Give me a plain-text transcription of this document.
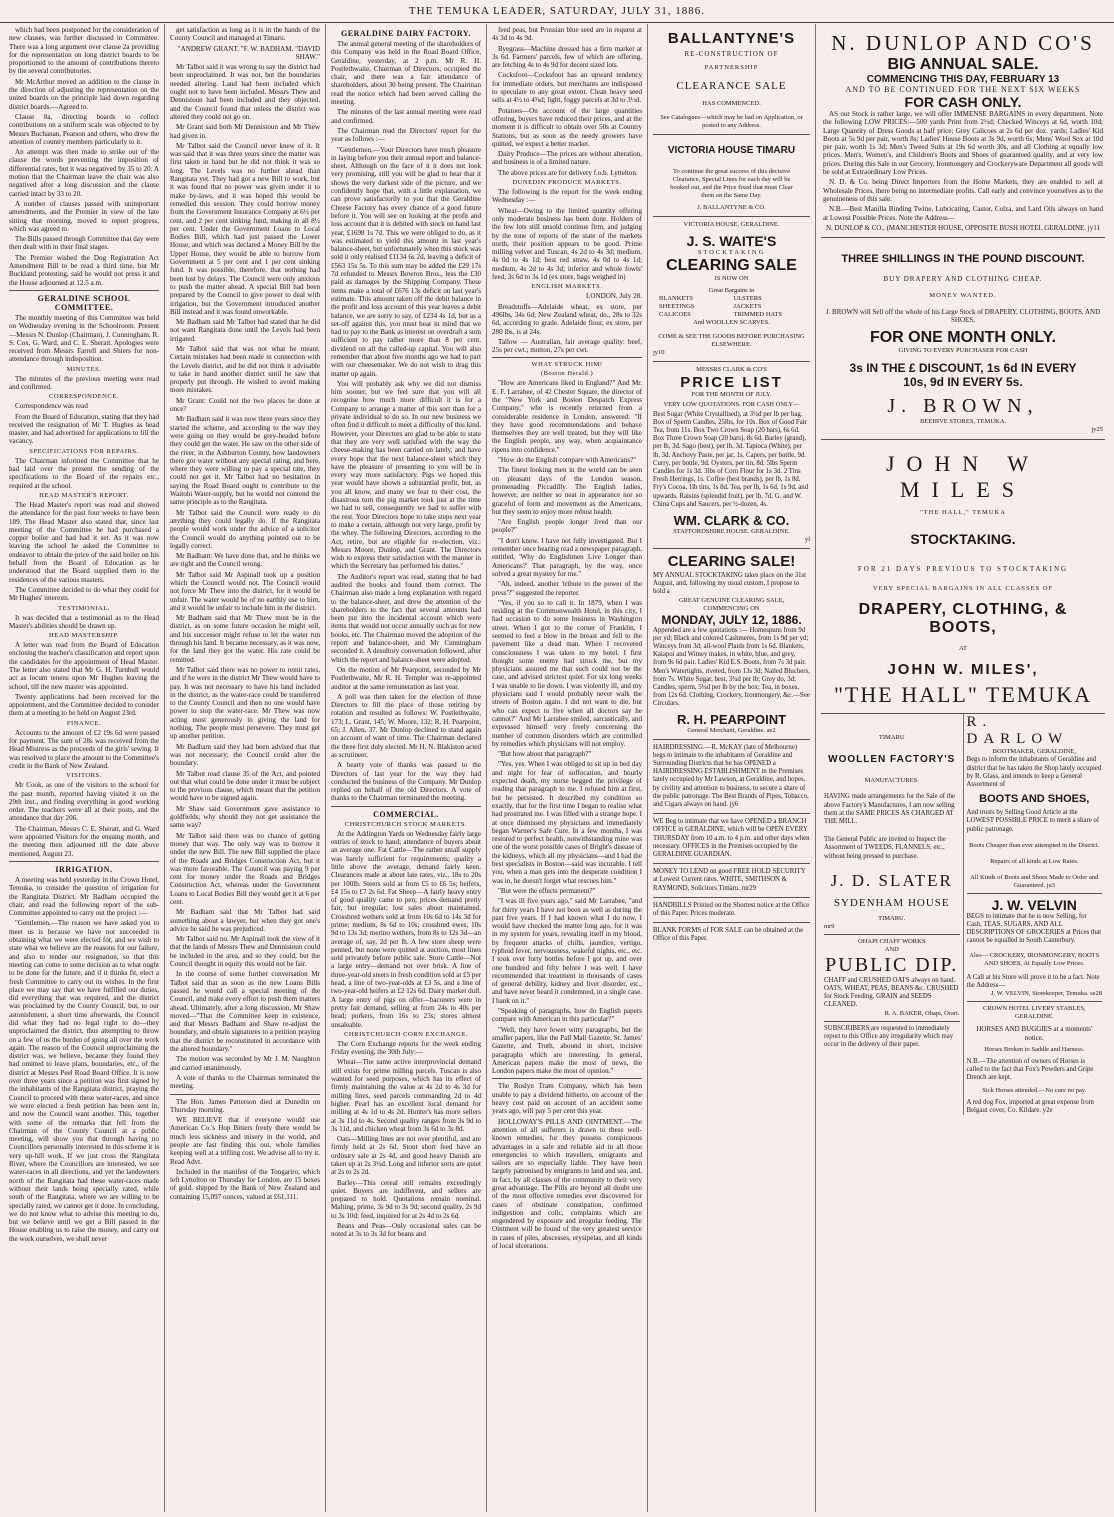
THE TEMUKA LEADER, SATURDAY, JULY 31, 1886.

which had been postponed for the consideration of new clauses, was further discussed in Committee. There was a long argument over clause 2a providing for the representation on long district boards to be proportioned to the amount of contributions thereto by the several contributories.

Mr McArthur moved an addition to the clause in the direction of adjusting the representation on the united boards on the principle laid down regarding district boards.—Agreed to.

Clause 8a, directing boards to collect contributions on a uniform scale was objected to by Messrs Buchanan, Pearson and others, who drew the attention of country members particularly to it.

An attempt was then made to strike out of the clause the words preventing the imposition of differential rates, but it was negatived by 35 to 20. A motion that the Chairman leave the chair was also negatived after a long discussion and the clause carried intact by 33 to 20.

A number of clauses passed with unimportant amendments, and the Premier in view of the late sitting that morning, moved to report progress, which was agreed to.

The Bills passed through Committee that day were then dealt with in their final stages.

The Premier wished the Dog Registration Act Amendment Bill to be read a third time, but Mr Buckland protesting, said he would not press it and the House adjourned at 12.5 a.m.

GERALDINE SCHOOL COMMITTEE.

The monthly meeting of this Committee was held on Wednesday evening in the Schoolroom. Present—Messrs N. Dunlop (Chairman), J. Cunningham, R. S. Cox, G. Ward, and C. E. Sheratt. Apologies were received from Messrs Farrell and Shiers for non-attendance through indisposition.

MINUTES.

The minutes of the previous meeting were read and confirmed.

CORRESPONDENCE.

Correspondence was read

From the Board of Education, stating that they had received the resignation of Mr T. Hughes as head master, and had advertised for applications to fill the vacancy.

SPECIFICATIONS FOR REPAIRS.

The Chairman informed the Committee that he had laid over the present the sending of the specifications to the Board of the repairs etc., required at the school.

HEAD MASTER'S REPORT.

The Head Master's report was read and showed the attendance for the past four weeks to have been 189. The Head Master also stated that, since last meeting of the Committee he had purchased a copper boiler and had had it set. As it was now leaving the school he asked the Committee to endeavor to obtain the price of the said boiler on his behalf from the Board of Education as he understood that the Board supplied them to the residences of the various masters.

The Committee decided to do what they could for Mr Hughes' interests.

TESTIMONIAL.

It was decided that a testimonial as to the Head Master's abilities should be drawn up.

HEAD MASTERSHIP.

A letter was read from the Board of Education enclosing the teacher's classification and report upon the candidates for the appointment of Head Master. The letter also stated that Mr G. H. Turnbull would act as locum tenens upon Mr Hughes leaving the school, till the new master was appointed.

Twenty applications had been received for the appointment, and the Committee decided to consider them at a meeting to be held on August 23rd.

FINANCE.

Accounts to the amount of £2 19s 6d were passed for payment. The sum of 28s was received from the Head Mistress as the proceeds of the girls' sewing. It was resolved to place the amount to the Committee's credit in the Bank of New Zealand.

VISITORS.

Mr Cook, as one of the visitors to the school for the past month, reported having visited it on the 29th inst., and finding everything in good working order. The teachers were all at their posts, and the attendance that day 206.

The Chairman, Messrs C. E. Sheratt, and G. Ward were appointed Visitors for the ensuing month, and the meeting then adjourned till the date above mentioned, August 23.

IRRIGATION.

A meeting was held yesterday in the Crown Hotel, Temuka, to consider the question of irrigation for the Rangitata District. Mr Badham occupied the chair, and read the following report of the sub-Committee appointed to carry out the project :—

"Gentlemen,—The reason we have asked you to meet us is because we have not succeeded in obtaining what we were elected for, and we wish to state what we believe are the reasons for our failure, and also to tender our resignation, so that this meeting can come to some decision as to what ought to be done for the future, and if it thinks fit, elect a fresh Committee to carry out its wishes. In the first place we may say that we have fulfilled our duties, did everything that was required, and the district was proclaimed by the County Council, but, to our astonishment, a short time afterwards, the Council did what they had no legal right to do—they unproclaimed the district, thus attempting to throw on a few of us the burden of going all over the work again. The reason of the Council unproclaiming the district was, we believe, because they found they had omitted to leave plans, boundaries, etc., of the district at Messrs Peel Road Board Office. It is now over three years since a petition was first signed by the inhabitants of the Rangitata district, praying the Council to proceed with these water-races, and since we were elected a fresh petition has been sent in, and now the Council want another. This, together with some of the remarks that fell from the Chairman of the County Council at a public meeting, will show you that through having no Councillors personally interested in this scheme it is very up-hill work. If we just cross the Rangitata River, where the Councillors are interested, we see water-races in all directions, and yet the landowners north of the Rangitata had these water-races made without their lands being specially rated, while south of the Rangitata, where we are willing to be specially rated, we cannot get it done. In concluding, we do not know what to advise this meeting to do, but we believe until we get a Bill passed in the House enabling us to raise the money, and carry out the work ourselves, we shall never

get satisfaction as long as it is in the hands of the County Council and managed at Timaru.

"ANDREW GRANT. "F. W. BADHAM. "DAVID SHAW."

Mr Talbot said it was wrong to say the district had been unproclaimed. It was not, but the boundaries needed altering. Land had been included which ought not to have been included. Messrs Thew and Dennistoun had been included and they objected, and the Council found that unless the district was altered they could not go on.

Mr Grant said both Mr Dennistoun and Mr Thew had given in.

Mr Talbot said the Council never knew of it. It was said that it was three years since the matter was first taken in hand but he did not think it was so long. The Levels was no further ahead than Rangitata yet. They had got a new Bill to work, but it was found that no power was given under it to make by-laws, and it was hoped this would be remedied this session. They could borrow money from the Government Insurance Company at 6½ per cent, and 2 per cent sinking fund, making in all 8½ per cent. Under the Government Loans to Local Bodies Bill, which had just passed the Lower House, and which was declared a Money Bill by the Upper House, they would be able to borrow from Government at 5 per cent and 1 per cent sinking fund. It was possible, therefore, that nothing had been lost by delays. The Council were only anxious to push the matter ahead. A special Bill had been prepared by the Council to give power to deal with irrigation, but the Government introduced another Bill instead and it was found unworkable.

Mr Badham said Mr Talbot had stated that he did not want Rangitata done until the Levels had been irrigated.

Mr Talbot said that was not what he meant. Certain mistakes had been made in connection with the Levels district, and he did not think it advisable to take in hand another district until he saw that properly put through. He wished to avoid making more mistakes.

Mr Grant: Could not the two places be done at once?

Mr Badham said it was now three years since they started the scheme, and according to the way they were going on they would be grey-headed before they could get the water. He saw on the other side of the river, in the Ashburton County, how landowners there got water without any special rating, and here, where they were willing to pay a special rate, they could not get it. Mr Talbot had no hesitation in saying the Road Board ought to contribute to the Waitohi Water-supply, but he would not contend the same principle as to the Rangitata.

Mr Talbot said the Council were ready to do anything they could legally do. If the Rangitata people would work under the advice of a solicitor the Council would do anything pointed out to be legally correct.

Mr Badham: We have done that, and he thinks we are right and the Council wrong.

Mr Talbot said Mr Aspinall took up a position which the Council would not. The Council would not force Mr Thew into the district, for it would be unfair. The water would be of no earthly use to him, and it would be unfair to include him in the district.

Mr Badham said that Mr Thew must be in the district, as on some future occasion he might sell, and his successor might refuse to let the water run through his land. It became necessary, as it was now, for the land they got the water. His rate could be remitted.

Mr Talbot said there was no power to remit rates, and if he were in the district Mr Thew would have to pay. It was not necessary to have his land included in the district, as the water-race could be transferred to the County Council and then no one would have power to stop the water-race. Mr Thew was now acting most generously in giving the land for nothing. The people must persevere. They must get up another petition.

Mr Badham said they had been advised that that was not necessary; the Council could alter the boundary.

Mr Talbot read clause 35 of the Act, and pointed out that what could be done under it must be subject to the previous clause, which meant that the petition would have to be signed again.

Mr Shaw said Government gave assistance to goldfields; why should they not get assistance the same way?

Mr Talbot said there was no chance of getting money that way. The only way was to borrow it under the new Bill. The new Bill supplied the place of the Roads and Bridges Construction Act, but it was more favorable. The Council was paying 9 per cent for money under the Roads and Bridges Construction Act, whereas under the Government Loans to Local Bodies Bill they would get it at 6 per cent.

Mr Badham said that Mr Talbot had said something about a lawyer, but when they got one's advice he said he was prejudiced.

Mr Talbot said no. Mr Aspinall took the view of it that the lands of Messrs Thew and Dennistoun could be included in the area, and so they could, but the Council thought in equity this would not be fair.

In the course of some further conversation Mr Talbot said that as soon as the new Loans Bills passed he would call a special meeting of the Council, and make every effort to push them matters ahead. Ultimately, after a long discussion, Mr Shaw moved—"That the Committee keep in existence, and that Messrs Badham and Shaw re-adjust the boundary, and obtain signatures to a petition praying that the district be reconstituted in accordance with the altered boundary."

The motion was seconded by Mr J. M. Naughton and carried unanimously.

A vote of thanks to the Chairman terminated the meeting.

The Hon. James Patterson died at Dunedin on Thursday morning.

WE BELIEVE that if everyone would use American Co.'s Hop Bitters freely there would be much less sickness and misery in the world, and people are fast finding this out, whole families keeping well at a trifling cost. We advise all to try it. Read Advt.

Included in the manifest of the Tongariro, which left Lyttelton on Thursday for London, are 15 boxes of gold, shipped by the Bank of New Zealand and containing 15,097 ounces, valued at £61,111.

GERALDINE DAIRY FACTORY.

The annual general meeting of the shareholders of this Company was held in the Road Board Office, Geraldine, yesterday, at 2 p.m. Mr R. H. Postlethwaite, Chairman of Directors, occupied the chair, and there was a fair attendance of shareholders, about 30 being present. The Chairman read the notice which had been served calling the meeting.

The minutes of the last annual meeting were read and confirmed.

The Chairman read the Directors' report for the year as follows :—

"Gentlemen,—Your Directors have much pleasure in laying before you their annual report and balance-sheet. Although on the face of it it does not look very promising, still you will be glad to hear that it shows the very darkest side of the picture, and we confidently hope that, with a little explanation, we can prove satisfactorily to you that the Geraldine Cheese Factory has every chance of a good future before it. You will see on looking at the profit and loss account that it is debited with stock on hand last year, £1698 1s 7d. This we were obliged to do, as it was estimated to yield this amount in last year's balance-sheet, but unfortunately when this stock was sold it only realised £1134 6s 2d, leaving a deficit of £563 15s 5s. To this sum may be added the £29 17s 7d refunded to Messrs Bowron Bros., less the £30 paid as damages by the Shipping Company. These items make a total of £676 13s deficit on last year's estimate. This amount taken off the debit balance in the profit and loss account of this year leaves a debit balance, we are sorry to say, of £234 4s 1d, but as a set-off against this, you must bear in mind that we had to pay to the Bank as interest on overdraft a sum sufficient to pay rather more than 8 per cent. dividend on all the called-up capital. You will also remember that about five months ago we had to part with our cheesemaker. We do not wish to drag this matter up again.

You will probably ask why we did not dismiss him sooner, but we feel sure that you will all recognise how much more difficult it is for a Company to arrange a matter of this sort than for a private individual to do so. In our new business we often find it difficult to meet a difficulty of this kind. However, your Directors are glad to be able to state that they are very well satisfied with the way the cheese-making has been carried on lately, and have every hope that the next balance-sheet which they have the pleasure of presenting to you will be in every way more satisfactory. Pigs we hoped this year would have shown a substantial profit, but, as you all know, and many we fear to their cost, the disastrous turn the pig market took just at the time we had to sell, consequently we had to suffer with the rest. Your Directors hope to take steps next year to make a certain, although not very large, profit by the whey. The following Directors, according to the Act, retire, but are eligible for re-election, viz.: Messrs Moore, Dunlop, and Grant. The Directors wish to express their satisfaction with the manner in which the Secretary has performed his duties."

The Auditor's report was read, stating that he had audited the books and found them correct. The Chairman also made a long explanation with regard to the balance-sheet, and drew the attention of the shareholders to the fact that several amounts had been put into the incidental account which were items that would not occur annually such as for new books, etc. The Chairman moved the adoption of the report and balance-sheet, and Mr Cunningham seconded it. A desultory conversation followed, after which the report and balance-sheet were adopted.

On the motion of Mr Pearpoint, seconded by Mr Postlethwaite, Mr R. H. Templer was re-appointed auditor at the same remuneration as last year.

A poll was then taken for the election of three Directors to fill the place of those retiring by rotation and resulted as follows: W. Postlethwaite, 173; L. Grant, 145; W. Moore, 132; R. H. Pearpoint, 65; J. Allen, 37. Mr Dunlop declined to stand again on account of want of time. The Chairman declared the three first duly elected. Mr H. N. Blakiston acted as scrutineer.

A hearty vote of thanks was passed to the Directors of last year for the way they had conducted the business of the Company. Mr Dunlop replied on behalf of the old Directors. A vote of thanks to the Chairman terminated the meeting.

COMMERCIAL.
CHRISTCHURCH STOCK MARKETS.

At the Addington Yards on Wednesday fairly large entries of stock to hand; attendance of buyers about an average one. Fat Cattle—The rather small supply was barely sufficient for requirements; quality a little above the average, demand fairly keen. Clearances made at about late rates, viz., 18s to 20s per 100lb. Steers sold at from £5 to £6 5s; heifers, £4 15s to £7 2s 6d. Fat Sheep—A fairly heavy entry of good quality came to pen; prices demand pretty fair, but irregular; lost sales about maintained. Crossbred wethers sold at from 10s 6d to 14s 3d for prime; medium, 8s 6d to 10s; crossbred ewes, 10s 9d to 13s 3d; merino wethers, from 8s to 12s 3d—an average of, say, 2d per lb. A few store sheep were penned, but none were quitted at auction, most lines sold privately before public sale. Store Cattle—Not a large entry—demand not over brisk. A line of three-year-old steers in fresh condition sold at £5 per head, a line of two-year-olds at £3 5s, and a line of two-year-old heifers at £2 12s 6d. Dairy market dull. A large entry of pigs on offer—baconers were in pretty fair demand, selling at from 24s to 40s per head; porkers, from 16s to 23s; stores almost unsaleable.

CHRISTCHURCH CORN EXCHANGE.

The Corn Exchange reports for the week ending Friday evening, the 30th July:—

Wheat—The same active interprovincial demand still exists for prime milling parcels. Tuscan is also wanted for seed purposes, which has its effect of firmly maintaining the value at 4s 2d to 4s 3d for milling lines, seed parcels commanding 2d to 4d higher. Pearl has an excellent local demand for milling at 4s 1d to 4s 2d. Hunter's has more sellers at 3s 11d to 4s. Second quality ranges from 3s 9d to 3s 11d, and chicken wheat from 3s 6d to 3s 8d.

Oats—Milling lines are not over plentiful, and are firmly held at 2s 6d. Stout short feed have an ordinary sale at 2s 4d, and good heavy Danish are taken up at 2s 3½d. Long and inferior sorts are quiet at 2s to 2s 2d.

Barley—This cereal still remains exceedingly quiet. Buyers are indifferent, and sellers are prepared to hold. Quotations remain nominal. Malting, prime, 3s 9d to 3s 9d; second quality, 2s 9d to 3s 10d; feed, inquired for at 2s 4d to 2s 6d.

Beans and Peas—Only occasional sales can be noted at 3s to 3s 3d for beans and

feed peas, but Prussian blue seed are in request at 4s 3d to 4s 9d.

Ryegrass—Machine dressed has a firm market at 3s 6d. Farmers' parcels, few of which are offering, are fetching 4s to 4s 9d for decent sized lots.

Cocksfoot—Cocksfoot has an upward tendency for immediate orders, but merchants are indisposed to speculate to any great extent. Clean heavy seed sells at 4½ to 4⅝d; light, foggy parcels at 3d to 3½d.

Potatoes—On account of the large quantities offering, buyers have reduced their prices, and at the moment it is difficult to obtain over 50s at Country Stations, but as soon as the needy growers have quitted, we expect a better market.

Dairy Produce—The prices are without alteration, and business is of a limited nature.

The above prices are for delivery f.o.b. Lyttelton.

DUNEDIN PRODUCE MARKETS.

The following is the report for the week ending Wednesday :—

Wheat—Owing to the limited quantity offering only moderate business has been done. Holders of the few lots still unsold continue firm, and judging by the tone of reports of the state of the markets north, their position appears to be good. Prime milling velvet and Tuscan, 4s 2d to 4s 3d; medium, 4s 0d to 4s 1d; best red straw, 4s 0d to 4s 1d; medium, 4s 2d to 4s 3d; inferior and whole fowls' feed, 3s 6d to 3s 1d (ex store, bags weighed in)

ENGLISH MARKETS.

LONDON, July 28.

Breadstuffs—Adelaide wheat, ex store, per 496lbs, 34s 6d; New Zealand wheat, do., 28s to 32s 6d, according to grade. Adelaide flour, ex store, per 280 lbs, is at 24s.

Tallow — Australian, fair average quality: beef, 25s per cwt.; mutton, 27s per cwt.

WHAT STRUCK HIM!
(Boston Herald.)

"How are Americans liked in England?" And Mr. E. F. Larrabee, of 42 Chester Square, the director of the "New York and Boston Despatch Express Company," who is recently returned from a considerable residence in London, answered: "If they have good recommendations and behave themselves they are well treated, but they will like the English people, any way, when acquaintance ripens into confidence."

"How do the English compare with Americans?"

The finest looking men in the world can be seen on pleasant days of the London season, promenading Piccadilly. The English ladies, however, are neither so neat in appearance nor so graceful of form and movement as the Americans, but they seem to enjoy more robust health.

"Are English people longer lived than our people?"

"I don't know. I have not fully investigated. But I remember once hearing read a newspaper paragraph, entitled, 'Why do Englishmen Live Longer than Americans?' That paragraph, by the way, once solved a great mystery for me."

"Ah, indeed, another 'tribute to the power of the press'?" suggested the reporter.

"Yes, if you so to call it. In 1879, when I was residing at the Commonwealth Hotel, in this city, I had occasion to do some business in Washington street. When I got to the corner of Franklin, I seemed to feel a blow in the breast and fell to the pavement like a dead man. When I recovered consciousness I was taken to my hotel. I first thought some enemy had struck me, but my physicians assured me that such could not be the case, and advised strictest quiet. For six long weeks I was unable to lie down. I was violently ill, and my physicians said I would probably never walk the streets of Boston again. I did not want to die, but who can expect to live when all doctors say he cannot?" And Mr Larrabee smiled, sarcastically, and expressed himself very freely concerning the number of common disorders which are controlled by remedies which physicians will not employ.

"But how about that paragraph?"

"Yes, yes. When I was obliged to sit up in bed day and night for fear of suffocation, and hourly expected death, my nurse begged the privilege of reading that paragraph to me. I refused him at first, but he persisted. It described my condition so exactly, that for the first time I began to realise what had prostrated me. I was filled with a strange hope. I at once dismissed my physicians and immediately began Warner's Safe Cure. In a few months, I was restored to perfect health, notwithstanding mine was one of the worst possible cases of Bright's disease of the kidneys, which all my physicians—and I had the best specialists in Boston—said was incurable. I tell you, when a man gets into the desperate condition I was in, he doesn't forget what rescues him."

"But were the effects permanent?"

"I was ill five years ago," said Mr Larrabee, "and for thirty years I have not been as well as during the past five years. If I had known what I do now, I would have checked the matter long ago, for it was in my system for years, revealing itself in my blood, by frequent attacks of chills, jaundice, vertigo, typhoid fever, nervousness, wakeful nights, etc., etc. I took over forty bottles before I got up, and over one hundred and fifty before I was well. I have recommended that treatment in thousands of cases of general debility, kidney and liver disorder, etc., and have never heard it condemned, in a single case. I bank on it."

"Speaking of paragraphs, how do English papers compare with American in this particular?"

"Well, they have fewer witty paragraphs, but the smaller papers, like the Pall Mall Gazette, St. James' Gazette, and Truth, abound in short, incisive paragraphs which are interesting. In general, American papers make the most of news, the London papers make the most of opinion."

The Roslyn Tram Company, which has been unable to pay a dividend hitherto, on account of the heavy cost paid on account of an accident some years ago, will pay 5 per cent this year.

HOLLOWAY'S PILLS AND OINTMENT.—The attention of all sufferers is drawn to these well-known remedies, for they possess conspicuous advantages in a safe and reliable aid in all those emergencies to which travellers, emigrants and sailors are so especially liable. They have been largely patronised by emigrants to land and sea, and, in fact, by all classes of the community to their very great advantage. The Pills are beyond all doubt one of the most effective remedies ever discovered for cases of obstinate constipation, confirmed indigestion and colic, complaints which are engendered by exposure and irregular feeding. The Ointment will be found of the very greatest service in cases of piles, abscesses, erysipelas, and all kinds of local ulcerations.

BALLANTYNE'S
RE-CONSTRUCTION OF
PARTNERSHIP
CLEARANCE SALE
HAS COMMENCED.
See Catalogues—which may be had on Application, or posted to any Address.
VICTORIA HOUSE TIMARU
To continue the great success of this decisive Clearance, Special Lines for each day will be booked out, and the Price fixed that must Clear them on the Same Day.
J. BALLANTYNE & CO.
VICTORIA HOUSE, GERALDINE.
J. S. WAITE'S
STOCKTAKING
CLEARING SALE
IS NOW ON
Great Bargains in
BLANKETS
SHEETINGS
CALICOES
ULSTERS
JACKETS
TRIMMED HATS
And WOOLLEN SCARVES.
COME & SEE THE GOODS BEFORE PURCHASING ELSEWHERE.
jy10
MESSRS CLARK & CO'S
PRICE LIST
FOR THE MONTH OF JULY.
VERY LOW QUOTATIONS. FOR CASH ONLY—
Best Sugar (White Crystallised), at 3½d per lb per bag. Box of Sperm Candles, 25lbs, for 10s. Box of Good Fair Tea, from 11s. Box Two Crown Soap (20 bars), 6s 6d. Box Three Crown Soap (20 bars), 8s 6d. Barley (grand), per lb, 3d. Sago (best), per lb, 3d. Tapioca (White), per lb, 3d. Anchovy Paste, per jar, 1s. Capers, per bottle, 9d. Curry, per bottle, 9d. Oysters, per tin, 8d. 5lbs Sperm Candles for 1s 3d. 3lbs of Corn Flour for 1s 3d. 2 Tins Fresh Herrings, 1s. Coffee (best brands), per lb, 1s 8d. Fry's Cocoa, 1lb tins, 1s 8d. Tea, per lb, 1s 6d, 1s 9d, and upwards. Raisins (splendid fruit), per lb, 7d. G. and W. China Cups and Saucers, per ½-dozen, 4s.
WM. CLARK & CO.
STAFFORDSHIRE HOUSE. GERALDINE.
yl
CLEARING SALE!
MY ANNUAL STOCKTAKING takes place on the 31st August, and, following my usual custom, I propose to hold a
GREAT GENUINE CLEARING SALE,
COMMENCING ON
MONDAY, JULY 12, 1886.
Appended are a few quotations :— Homespuns from 9d per yd; Black and colored Cashmeres, from 1s 9d per yd; Winceys from 3d; all-wool Plaids from 1s 6d. Blankets, Kaiapoi and Witney makes, in white, blue, and grey, from 9s 6d pair. Ladies' Kid E.S. Boots, from 7s 3d pair. Men's Watertights, riveted, from 13s 3d; Nailed Bluchers, from 7s. White Sugar, best, 3¾d per lb; Grey do, 3d; Candles, sperm, 5¼d per lb by the box; Tea, in boxes, from 12s 6d. Clothing, Crockery, Ironmongery, &c.—See Circulars.
R. H. PEARPOINT
General Merchant, Geraldine. ae2
HAIRDRESSING.—R. McKAY (late of Melbourne) begs to intimate to the inhabitants of Geraldine and Surrounding Districts that he has OPENED a HAIRDRESSING ESTABLISHMENT in the Premises lately occupied by Mr Lawson, at Geraldine, and hopes, by civility and attention to business, to secure a share of the public patronage. The Best Brands of Pipes, Tobacco, and Cigars always on hand. jy6
WE Beg to intimate that we have OPENED a BRANCH OFFICE in GERALDINE, which will be OPEN EVERY THURSDAY from 10 a.m. to 4 p.m. and other days when necessary. OFFICES in the Premises occupied by the GERALDINE GUARDIAN.
MONEY TO LEND on good FREE HOLD SECURITY at Lowest Current rates. WHITE, SMITHSON & RAYMOND, Solicitors Timaru. mr29
HANDBILLS Printed on the Shortest notice at the Office of this Paper. Prices moderate.
BLANK FORMS of FOR SALE can be obtained at the Office of this Paper.
N. DUNLOP AND CO'S
BIG ANNUAL SALE.
COMMENCING THIS DAY, FEBRUARY 13
AND TO BE CONTINUED FOR THE NEXT SIX WEEKS
FOR CASH ONLY.

AS our Stock is rather large, we will offer IMMENSE BARGAINS in every department. Note the following LOW PRICES:—500 yards Print from 2½d; Checked Winceys at 6d, worth 10d; Large Quantity of Dress Goods at half price; Grey Calicoes at 2s 6d per doz. yards; Ladies' Kid Boots at 5s 9d per pair, worth 8s; Ladies' House Boots at 3s 9d, worth 6s; Mens' Wool Sox at 10d per pair, worth 1s 3d; Men's Tweed Suits at 19s 6d worth 30s, and all Clothing at equally low prices. Men's, Women's, and Children's Boots and Shoes of guaranteed quality, and at very low prices. During this Sale in our Grocery, Ironmongery and Crockeryware Department all goods will be sold at Extraordinary Low Prices.

N. D. & Co. being Direct Importers from the Home Markets, they are enabled to sell at Wholesale Prices, there being no intermediate profits. Call early and convince yourselves as to the genuineness of this sale.

N.B.—Best Manilla Binding Twine, Lubricating, Castor, Colza, and Lard Oils always on hand at Lowest Possible Prices. Note the Address—

N. DUNLOP & CO., (MANCHESTER HOUSE, OPPOSITE BUSH HOTEL GERALDINE. jy11
THREE SHILLINGS IN THE POUND DISCOUNT.
BUY DRAPERY AND CLOTHING CHEAP.
MONEY WANTED.
J. BROWN will Sell off the whole of his Large Stock of DRAPERY, CLOTHING, BOOTS, AND SHOES,
FOR ONE MONTH ONLY.
GIVING TO EVERY PURCHASER FOR CASH
3s IN THE £ DISCOUNT, 1s 6d IN EVERY 10s, 9d IN EVERY 5s.
J. BROWN,
BEEHIVE STORES, TEMUKA.
jy25
JOHN W MILES
"THE HALL," TEMUKA
STOCKTAKING.
FOR 21 DAYS PREVIOUS TO STOCKTAKING
VERY SPECIAL BARGAINS IN ALL CLASSES OF
DRAPERY, CLOTHING, & BOOTS,
AT
JOHN W. MILES',
"THE HALL" TEMUKA
TIMARU
WOOLLEN FACTORY'S
MANUFACTURES.
HAVING made arrangements for the Sale of the above Factory's Manufactures, I am now selling them at the SAME PRICES AS CHARGED AT THE MILL.
The General Public are invited to Inspect the Assortment of TWEEDS, FLANNELS, etc., without being pressed to purchase.
J. D. SLATER
SYDENHAM HOUSE
TIMARU.
mr9
OHAPI CHAFF WORKS
AND
PUBLIC DIP.
CHAFF and CRUSHED OATS always on hand. OATS, WHEAT, PEAS, BEANS &c. CRUSHED for Stock Feeding. GRAIN and SEEDS CLEANED.
R. A. BAKER, Ohapi, Orari.
SUBSCRIBERS are requested to immediately report to this Office any irregularity which may occur in the delivery of their paper.
R. DARLOW
BOOTMAKER, GERALDINE,
Begs to inform the inhabitants of Geraldine and district that he has taken the Shop lately occupied by R. Glass, and intends to keep a General Assortment of
BOOTS AND SHOES,
And trusts by Selling Good Article at the LOWEST POSSIBLE PRICE to merit a share of public patronage.
Boots Cheaper than ever attempted in the District.
Repairs of all kinds at Low Rates.
All Kinds of Boots and Shoes Made to Order and Guaranteed. ju3
J. W. VELVIN
BEGS to intimate that he is now Selling, for Cash, TEAS, SUGARS, AND ALL DESCRIPTIONS OF GROCERIES at Prices that cannot be equalled in South Canterbury.
Also— CROCKERY, IRONMONGERY, BOOTS AND SHOES, At Equally Low Prices.
A Call at his Store will prove it to be a fact. Note the Address—
J. W. VELVIN, Storekeeper, Temuka. se28
CROWN HOTEL LIVERY STABLES, GERALDINE.
HORSES AND BUGGIES at a moments' notice.
Horses Broken to Saddle and Harness.
N.B.—The attention of owners of Horses is called to the fact that Fox's Powders and Gripe Drench are kept.
Sick Horses attended.—No cure no pay.
A red dog Fox, imported at great expense from Belgaut cover, Co. Kildare. y2e
